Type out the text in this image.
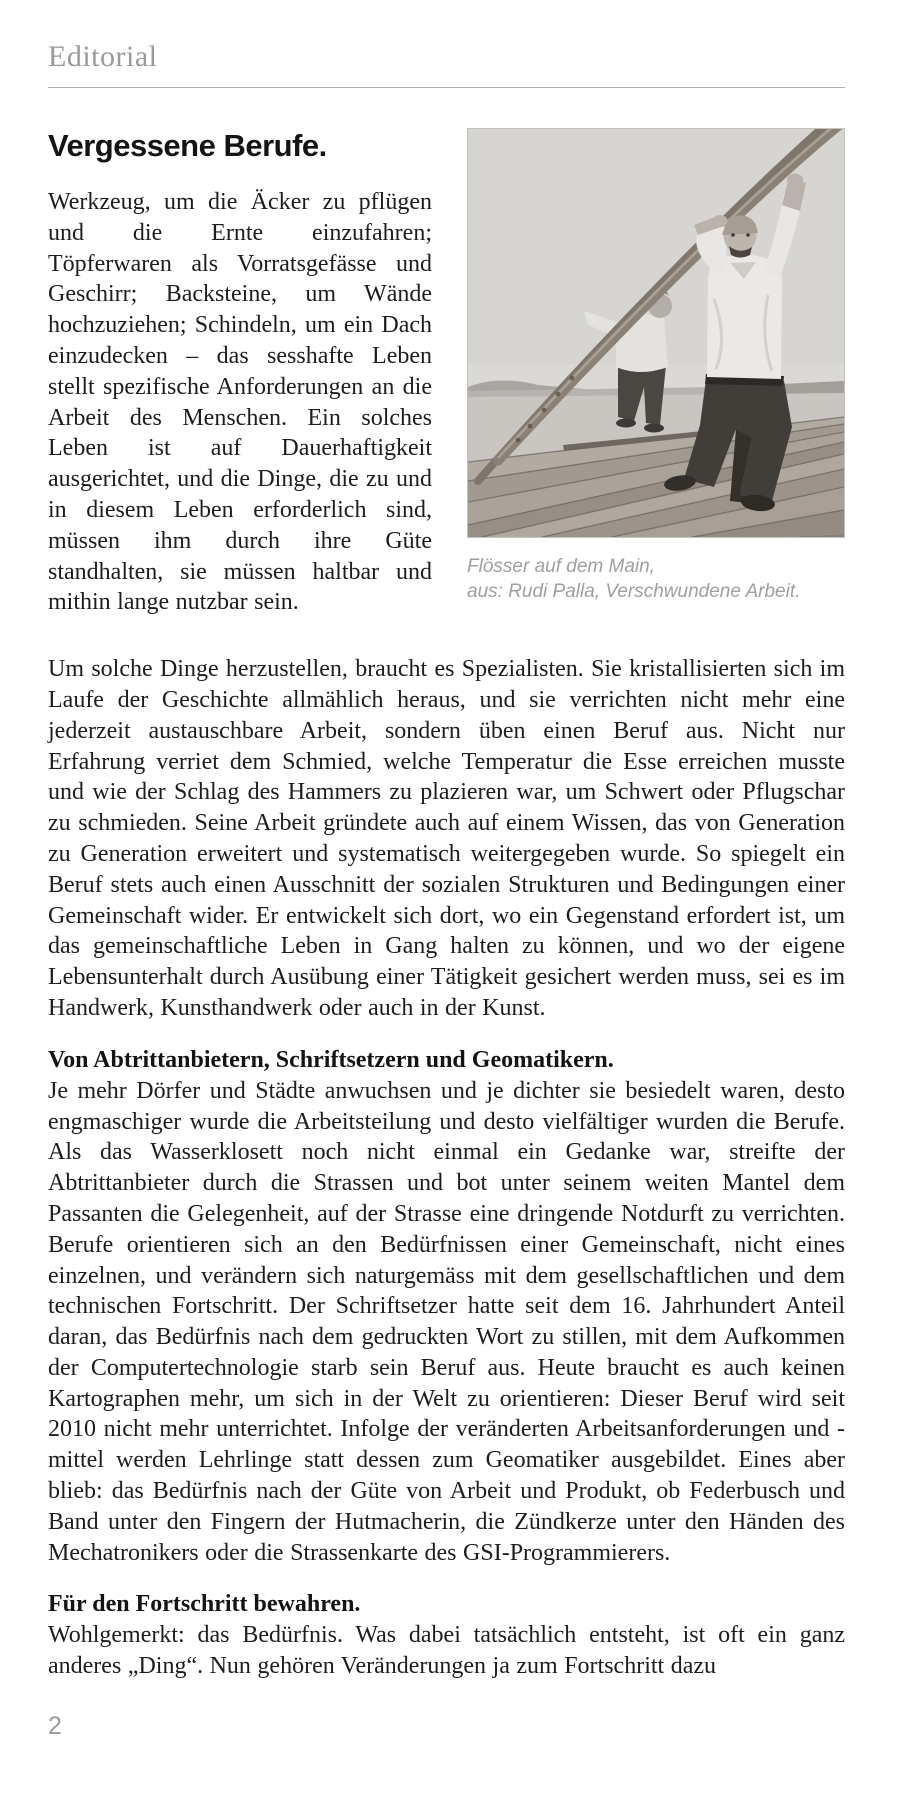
Editorial
Vergessene Berufe.

Werkzeug, um die Äcker zu pflügen und die Ernte einzufahren; Töpferwaren als Vorratsgefässe und Geschirr; Backsteine, um Wände hochzuziehen; Schindeln, um ein Dach einzudecken – das sesshafte Leben stellt spezifische Anforderungen an die Arbeit des Menschen. Ein solches Leben ist auf Dauerhaftigkeit ausgerichtet, und die Dinge, die zu und in diesem Leben erforderlich sind, müssen ihm durch ihre Güte standhalten, sie müssen haltbar und mithin lange nutzbar sein.

Flösser auf dem Main,
aus: Rudi Palla, Verschwundene Arbeit.

Um solche Dinge herzustellen, braucht es Spezialisten. Sie kristallisierten sich im Laufe der Geschichte allmählich heraus, und sie verrichten nicht mehr eine jederzeit austauschbare Arbeit, sondern üben einen Beruf aus. Nicht nur Erfahrung verriet dem Schmied, welche Temperatur die Esse erreichen musste und wie der Schlag des Hammers zu plazieren war, um Schwert oder Pflugschar zu schmieden. Seine Arbeit gründete auch auf einem Wissen, das von Generation zu Generation erweitert und systematisch weitergegeben wurde. So spiegelt ein Beruf stets auch einen Ausschnitt der sozialen Strukturen und Bedingungen einer Gemeinschaft wider. Er entwickelt sich dort, wo ein Gegenstand erfordert ist, um das gemeinschaftliche Leben in Gang halten zu können, und wo der eigene Lebensunterhalt durch Ausübung einer Tätigkeit gesichert werden muss, sei es im Handwerk, Kunsthandwerk oder auch in der Kunst.

Von Abtrittanbietern, Schriftsetzern und Geomatikern.

Je mehr Dörfer und Städte anwuchsen und je dichter sie besiedelt waren, desto engmaschiger wurde die Arbeitsteilung und desto vielfältiger wurden die Berufe. Als das Wasserklosett noch nicht einmal ein Gedanke war, streifte der Abtrittanbieter durch die Strassen und bot unter seinem weiten Mantel dem Passanten die Gelegenheit, auf der Strasse eine dringende Notdurft zu verrichten. Berufe orientieren sich an den Bedürfnissen einer Gemeinschaft, nicht eines einzelnen, und verändern sich naturgemäss mit dem gesellschaftlichen und dem technischen Fortschritt. Der Schriftsetzer hatte seit dem 16. Jahrhundert Anteil daran, das Bedürfnis nach dem gedruckten Wort zu stillen, mit dem Aufkommen der Computertechnologie starb sein Beruf aus. Heute braucht es auch keinen Kartographen mehr, um sich in der Welt zu orientieren: Dieser Beruf wird seit 2010 nicht mehr unterrichtet. Infolge der veränderten Arbeitsanforderungen und -mittel werden Lehrlinge statt dessen zum Geomatiker ausgebildet. Eines aber blieb: das Bedürfnis nach der Güte von Arbeit und Produkt, ob Federbusch und Band unter den Fingern der Hutmacherin, die Zündkerze unter den Händen des Mechatronikers oder die Strassenkarte des GSI-Programmierers.

Für den Fortschritt bewahren.

Wohlgemerkt: das Bedürfnis. Was dabei tatsächlich entsteht, ist oft ein ganz anderes „Ding“. Nun gehören Veränderungen ja zum Fortschritt dazu

2
